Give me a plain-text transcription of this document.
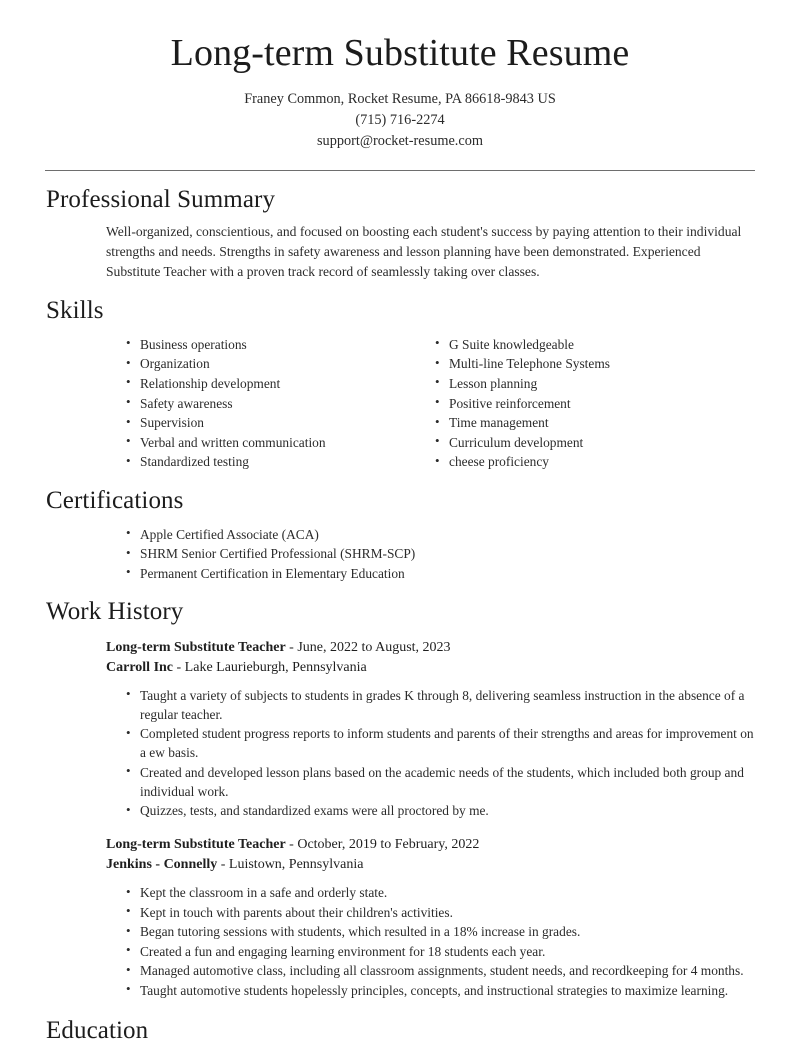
Long-term Substitute Resume

Franey Common, Rocket Resume, PA 86618-9843 US

(715) 716-2274

support@rocket-resume.com

Professional Summary

Well-organized, conscientious, and focused on boosting each student's success by paying attention to their individual strengths and needs. Strengths in safety awareness and lesson planning have been demonstrated. Experienced Substitute Teacher with a proven track record of seamlessly taking over classes.

Skills
• Business operations
• Organization
• Relationship development
• Safety awareness
• Supervision
• Verbal and written communication
• Standardized testing
• G Suite knowledgeable
• Multi-line Telephone Systems
• Lesson planning
• Positive reinforcement
• Time management
• Curriculum development
• cheese proficiency
Certifications
• Apple Certified Associate (ACA)
• SHRM Senior Certified Professional (SHRM-SCP)
• Permanent Certification in Elementary Education
Work History
Long-term Substitute Teacher - June, 2022 to August, 2023
Carroll Inc - Lake Laurieburgh, Pennsylvania
• Taught a variety of subjects to students in grades K through 8, delivering seamless instruction in the absence of a regular teacher.
• Completed student progress reports to inform students and parents of their strengths and areas for improvement on a ew basis.
• Created and developed lesson plans based on the academic needs of the students, which included both group and individual work.
• Quizzes, tests, and standardized exams were all proctored by me.
Long-term Substitute Teacher - October, 2019 to February, 2022
Jenkins - Connelly - Luistown, Pennsylvania
• Kept the classroom in a safe and orderly state.
• Kept in touch with parents about their children's activities.
• Began tutoring sessions with students, which resulted in a 18% increase in grades.
• Created a fun and engaging learning environment for 18 students each year.
• Managed automotive class, including all classroom assignments, student needs, and recordkeeping for 4 months.
• Taught automotive students hopelessly principles, concepts, and instructional strategies to maximize learning.
Education
